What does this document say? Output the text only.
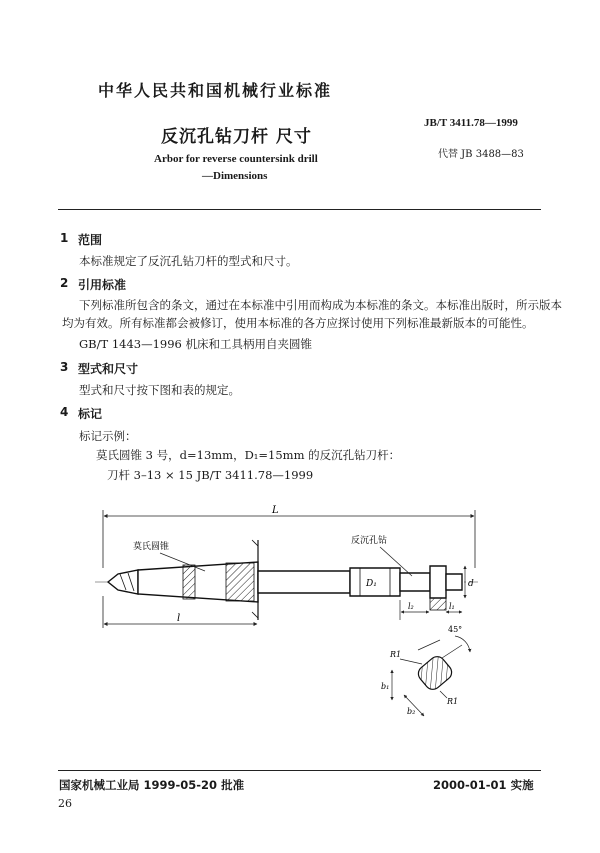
中华人民共和国机械行业标准
JB/T 3411.78—1999
反沉孔钻刀杆 尺寸
代替 JB 3488—83
Arbor for reverse countersink drill
—Dimensions
1 范围
本标准规定了反沉孔钻刀杆的型式和尺寸。
2 引用标准
下列标准所包含的条文，通过在本标准中引用而构成为本标准的条文。本标准出版时，所示版本
均为有效。所有标准都会被修订，使用本标准的各方应探讨使用下列标准最新版本的可能性。
GB/T 1443—1996 机床和工具柄用自夹圆锥
3 型式和尺寸
型式和尺寸按下图和表的规定。
4 标记
标记示例：
莫氏圆锥 3 号，d=13mm，D₁=15mm 的反沉孔钻刀杆：
刀杆 3–13 × 15 JB/T 3411.78—1999
L
D₁	d
莫氏圆锥
反沉孔钻
l
l₂	l₁
45°
R1
b₁
b₂
R1
国家机械工业局 1999-05-20 批准	2000-01-01 实施
26
